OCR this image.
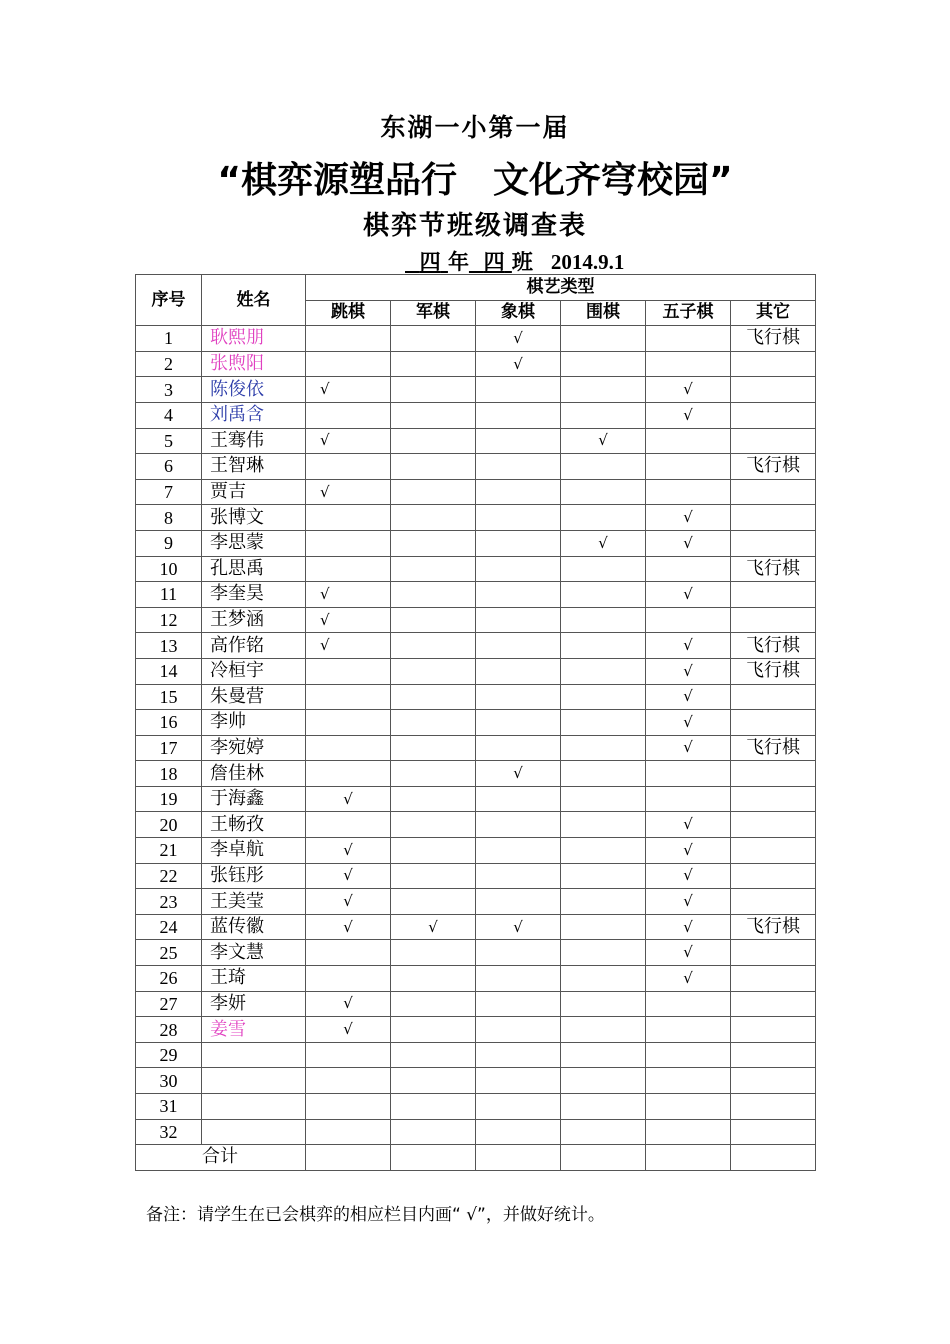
东湖一小第一届
“棋弈源塑品行　文化齐穹校园”
棋弈节班级调查表
四 年 四 班 2014.9.1
序号	姓名	棋艺类型					
		跳棋	军棋	象棋	围棋	五子棋	其它
1	耿熙朋			√			飞行棋
2	张煦阳			√			
3	陈俊依	√				√	
4	刘禹含					√	
5	王骞伟	√			√		
6	王智琳						飞行棋
7	贾吉	√					
8	张博文					√	
9	李思蒙				√	√	
10	孔思禹						飞行棋
11	李奎昊	√				√	
12	王梦涵	√					
13	高作铭	√				√	飞行棋
14	冷桓宇					√	飞行棋
15	朱曼营					√	
16	李帅					√	
17	李宛婷					√	飞行棋
18	詹佳林			√			
19	于海鑫	√					
20	王畅孜					√	
21	李卓航	√				√	
22	张钰彤	√				√	
23	王美莹	√				√	
24	蓝传徽	√	√	√		√	飞行棋
25	李文慧					√	
26	王琦					√	
27	李妍	√					
28	姜雪	√					
29							
30							
31							
32							
合计							
备注：请学生在已会棋弈的相应栏目内画“ √”，并做好统计。
